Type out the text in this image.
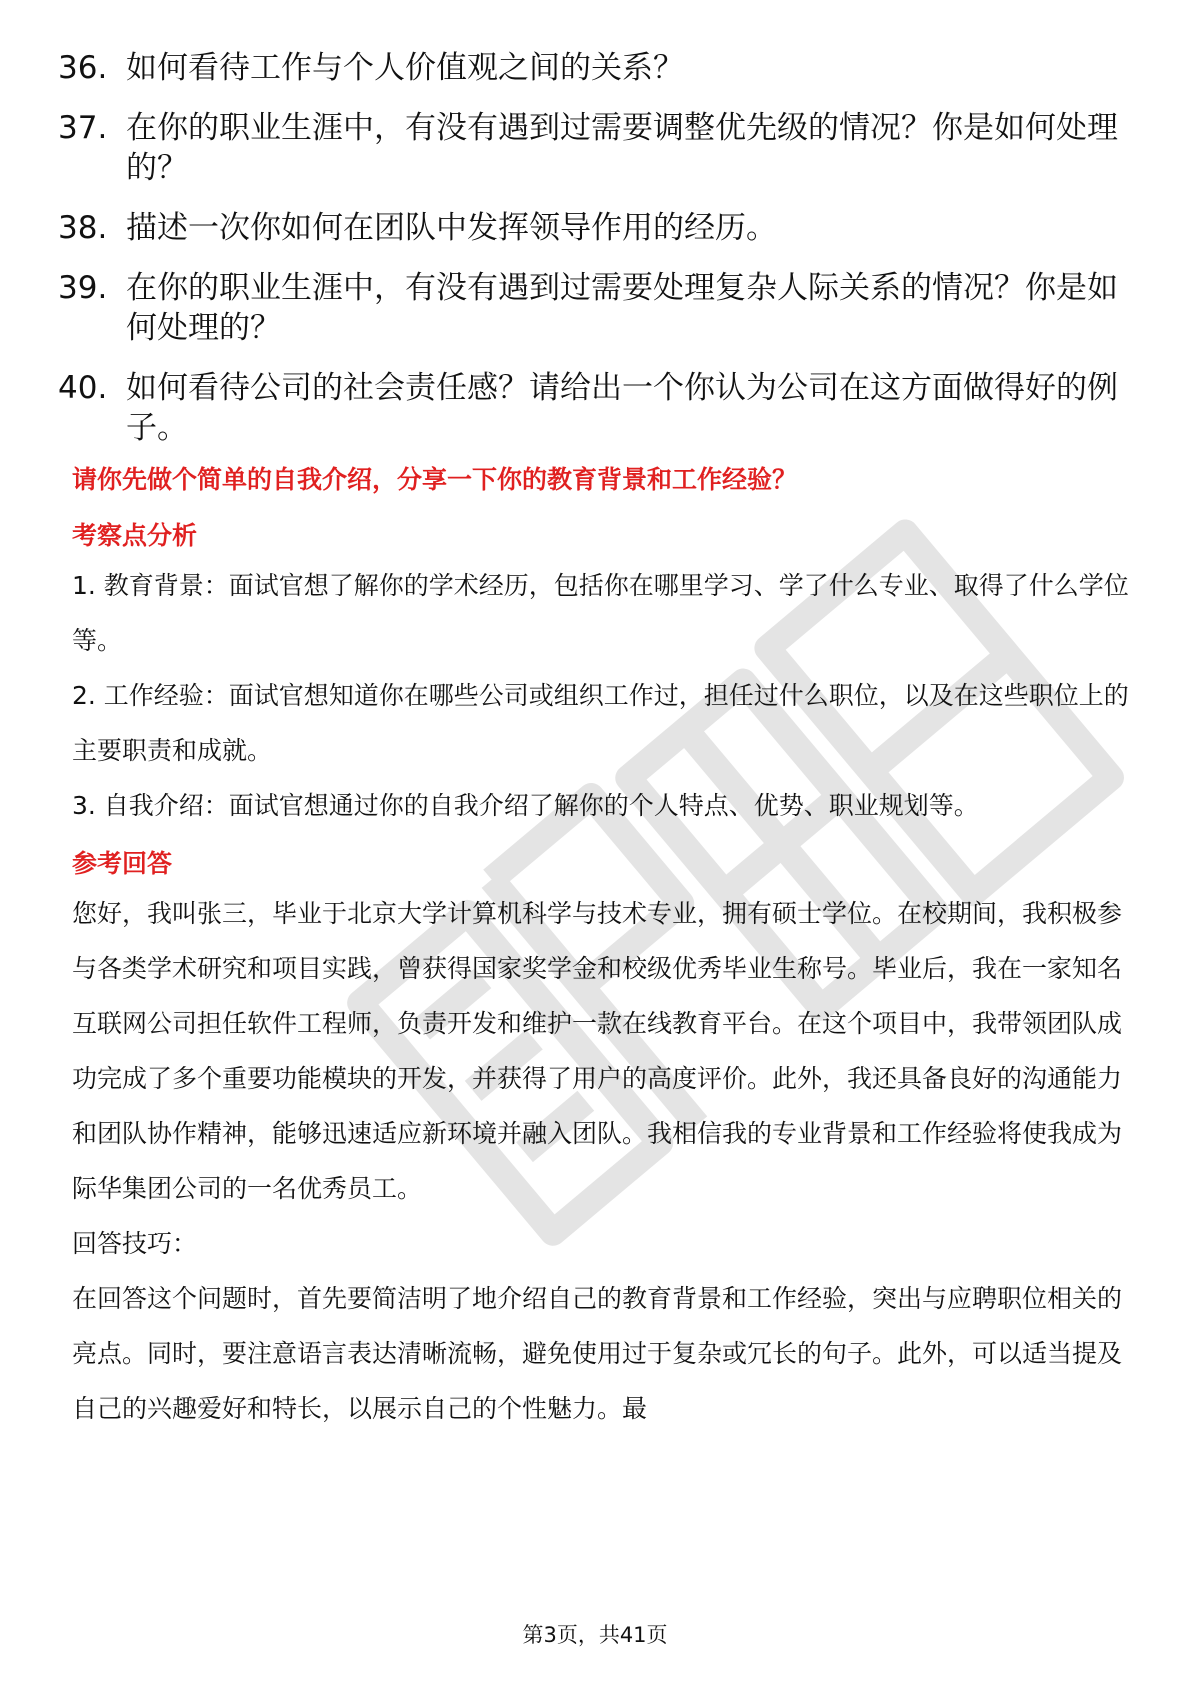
36. 如何看待工作与个人价值观之间的关系？
37. 在你的职业生涯中，有没有遇到过需要调整优先级的情况？你是如何处理的？
38. 描述一次你如何在团队中发挥领导作用的经历。
39. 在你的职业生涯中，有没有遇到过需要处理复杂人际关系的情况？你是如何处理的？
40. 如何看待公司的社会责任感？请给出一个你认为公司在这方面做得好的例子。

请你先做个简单的自我介绍，分享一下你的教育背景和工作经验？

考察点分析

1. 教育背景：面试官想了解你的学术经历，包括你在哪里学习、学了什么专业、取得了什么学位等。

2. 工作经验：面试官想知道你在哪些公司或组织工作过，担任过什么职位，以及在这些职位上的主要职责和成就。

3. 自我介绍：面试官想通过你的自我介绍了解你的个人特点、优势、职业规划等。

参考回答

您好，我叫张三，毕业于北京大学计算机科学与技术专业，拥有硕士学位。在校期间，我积极参与各类学术研究和项目实践，曾获得国家奖学金和校级优秀毕业生称号。毕业后，我在一家知名互联网公司担任软件工程师，负责开发和维护一款在线教育平台。在这个项目中，我带领团队成功完成了多个重要功能模块的开发，并获得了用户的高度评价。此外，我还具备良好的沟通能力和团队协作精神，能够迅速适应新环境并融入团队。我相信我的专业背景和工作经验将使我成为际华集团公司的一名优秀员工。

回答技巧：

在回答这个问题时，首先要简洁明了地介绍自己的教育背景和工作经验，突出与应聘职位相关的亮点。同时，要注意语言表达清晰流畅，避免使用过于复杂或冗长的句子。此外，可以适当提及自己的兴趣爱好和特长，以展示自己的个性魅力。最

第3页，共41页
